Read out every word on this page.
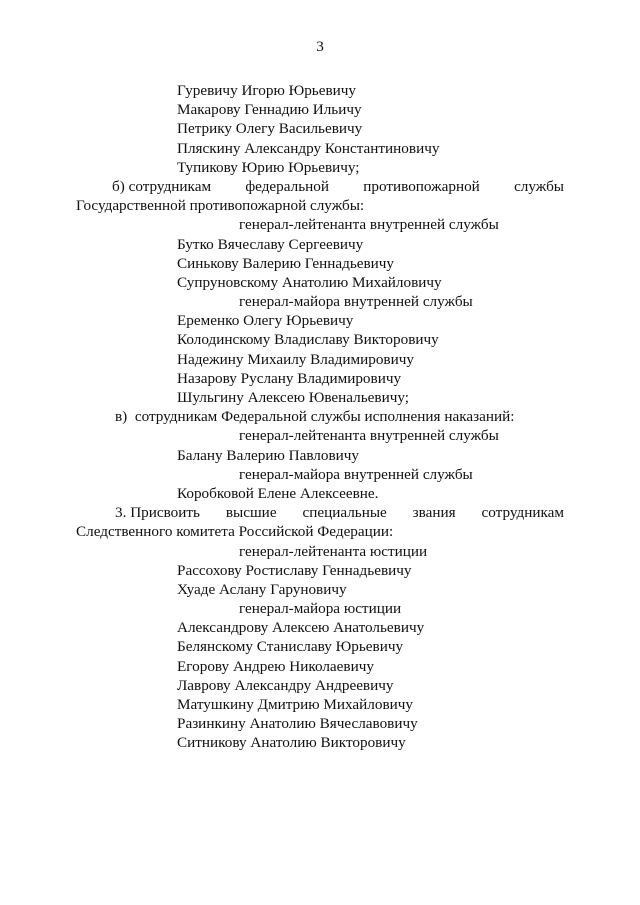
3
Гуревичу Игорю Юрьевичу
Макарову Геннадию Ильичу
Петрику Олегу Васильевичу
Пляскину Александру Константиновичу
Тупикову Юрию Юрьевичу;
б) сотрудникам федеральной противопожарной службы
Государственной противопожарной службы:
генерал-лейтенанта внутренней службы
Бутко Вячеславу Сергеевичу
Синькову Валерию Геннадьевичу
Супруновскому Анатолию Михайловичу
генерал-майора внутренней службы
Еременко Олегу Юрьевичу
Колодинскому Владиславу Викторовичу
Надежину Михаилу Владимировичу
Назарову Руслану Владимировичу
Шульгину Алексею Ювенальевичу;
в)  сотрудникам Федеральной службы исполнения наказаний:
генерал-лейтенанта внутренней службы
Балану Валерию Павловичу
генерал-майора внутренней службы
Коробковой Елене Алексеевне.
3. Присвоить высшие специальные звания сотрудникам
Следственного комитета Российской Федерации:
генерал-лейтенанта юстиции
Рассохову Ростиславу Геннадьевичу
Хуаде Аслану Гаруновичу
генерал-майора юстиции
Александрову Алексею Анатольевичу
Белянскому Станиславу Юрьевичу
Егорову Андрею Николаевичу
Лаврову Александру Андреевичу
Матушкину Дмитрию Михайловичу
Разинкину Анатолию Вячеславовичу
Ситникову Анатолию Викторовичу
